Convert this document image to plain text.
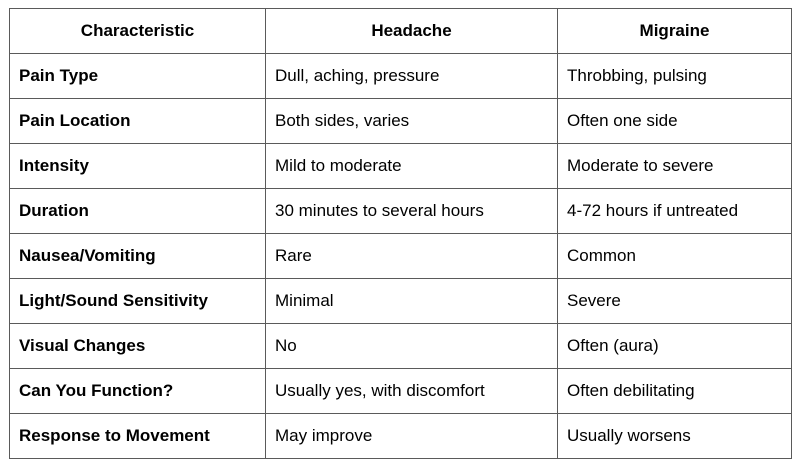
Characteristic	Headache	Migraine
Pain Type	Dull, aching, pressure	Throbbing, pulsing
Pain Location	Both sides, varies	Often one side
Intensity	Mild to moderate	Moderate to severe
Duration	30 minutes to several hours	4-72 hours if untreated
Nausea/Vomiting	Rare	Common
Light/Sound Sensitivity	Minimal	Severe
Visual Changes	No	Often (aura)
Can You Function?	Usually yes, with discomfort	Often debilitating
Response to Movement	May improve	Usually worsens
